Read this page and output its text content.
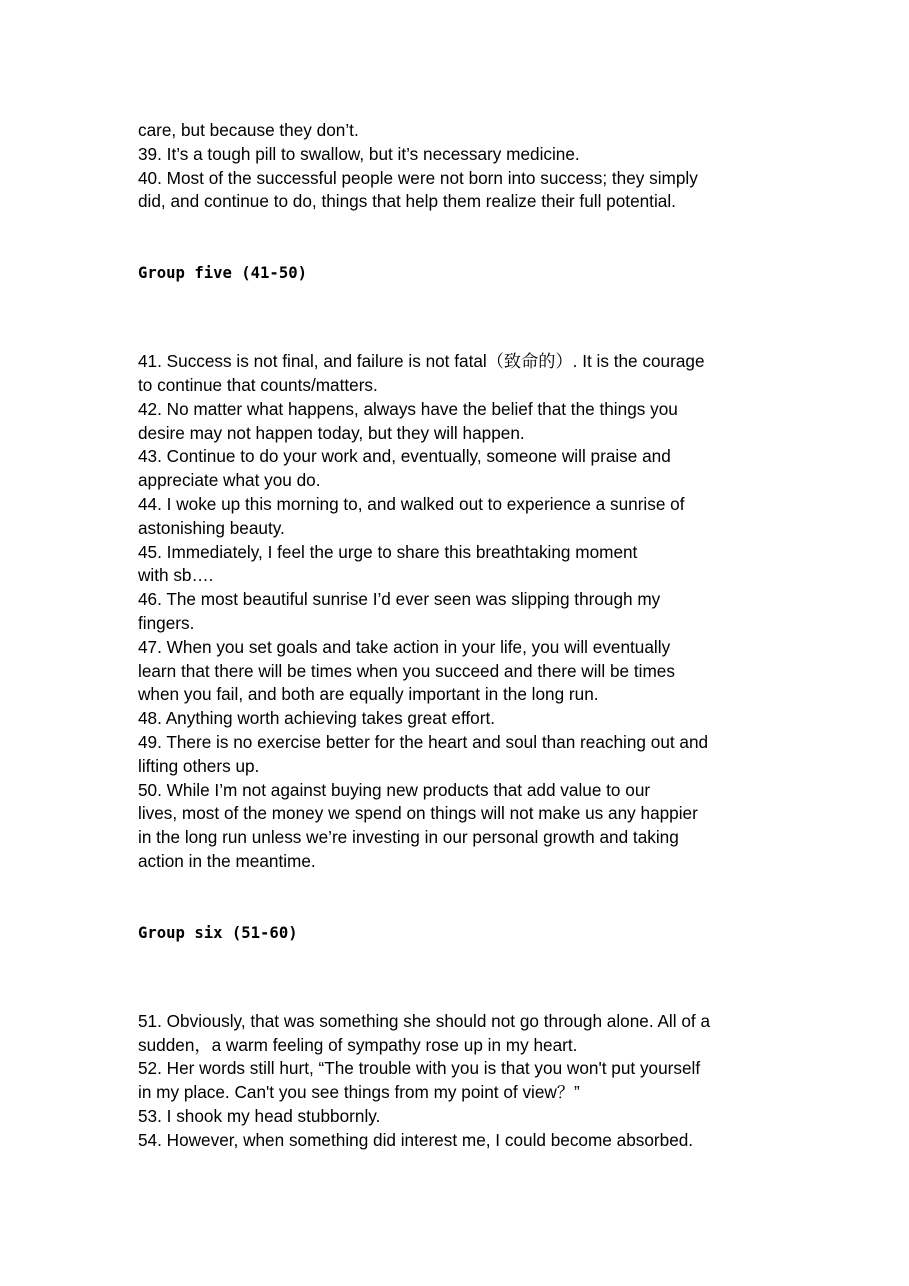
care, but because they don’t.

39. It’s a tough pill to swallow, but it’s necessary medicine.

40. Most of the successful people were not born into success; they simply

did, and continue to do, things that help them realize their full potential.

Group five (41-50)

41. Success is not final, and failure is not fatal（致命的）. It is the courage

to continue that counts/matters.

42. No matter what happens, always have the belief that the things you

desire may not happen today, but they will happen.

43. Continue to do your work and, eventually, someone will praise and

appreciate what you do.

44. I woke up this morning to, and walked out to experience a sunrise of

astonishing beauty.

45. Immediately, I feel the urge to share this breathtaking moment

with sb….

46. The most beautiful sunrise I’d ever seen was slipping through my

fingers.

47. When you set goals and take action in your life, you will eventually

learn that there will be times when you succeed and there will be times

when you fail, and both are equally important in the long run.

48. Anything worth achieving takes great effort.

49. There is no exercise better for the heart and soul than reaching out and

lifting others up.

50. While I’m not against buying new products that add value to our

lives, most of the money we spend on things will not make us any happier

in the long run unless we’re investing in our personal growth and taking

action in the meantime.

Group six (51-60)

51. Obviously, that was something she should not go through alone. All of a

sudden，a warm feeling of sympathy rose up in my heart.

52. Her words still hurt, “The trouble with you is that you won't put yourself

in my place. Can't you see things from my point of view？”

53. I shook my head stubbornly.

54. However, when something did interest me, I could become absorbed.
